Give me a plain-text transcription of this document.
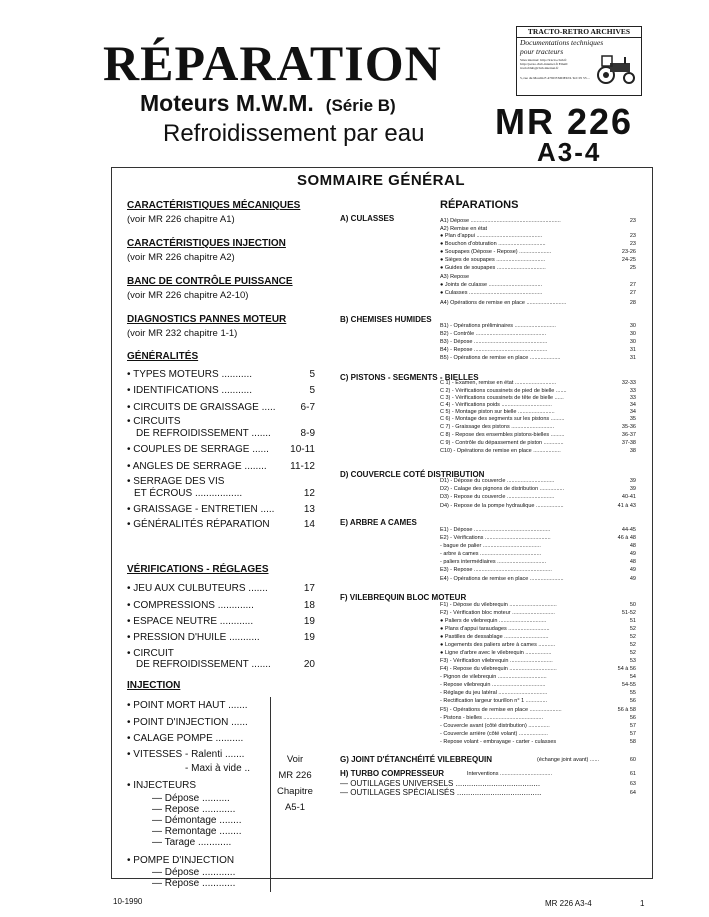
RÉPARATION
Moteurs M.W.M. (Série B)
Refroidissement par eau MR 226
A3-4
TRACTO-RETRO ARCHIVES
Documentations techniques
pour tracteurs
Sites internet: http://tracto.club.fr http://perso.club-internet.fr Email: tractoblub@club-internet.fr
5, rue du Moulin F-4790 EXIDEUIL Tel: 05 53 ...
SOMMAIRE GÉNÉRAL
CARACTÉRISTIQUES MÉCANIQUES
(voir MR 226 chapitre A1)
CARACTÉRISTIQUES INJECTION
(voir MR 226 chapitre A2)
BANC DE CONTRÔLE PUISSANCE
(voir MR 226 chapitre A2-10)
DIAGNOSTICS PANNES MOTEUR
(voir MR 232 chapitre 1-1)
GÉNÉRALITÉS
• TYPES MOTEURS ...........	5
• IDENTIFICATIONS ...........	5
• CIRCUITS DE GRAISSAGE .....	6-7
• CIRCUITS
DE REFROIDISSEMENT .......	8-9
• COUPLES DE SERRAGE ......	10-11
• ANGLES DE SERRAGE ........	11-12
• SERRAGE DES VIS
ET ÉCROUS .................	12
• GRAISSAGE - ENTRETIEN .....	13
• GÉNÉRALITÉS RÉPARATION	14
VÉRIFICATIONS - RÉGLAGES
• JEU AUX CULBUTEURS .......	17
• COMPRESSIONS .............	18
• ESPACE NEUTRE ............	19
• PRESSION D'HUILE ...........	19
• CIRCUIT
DE REFROIDISSEMENT .......	20
INJECTION
• POINT MORT HAUT .......
• POINT D'INJECTION ......
• CALAGE POMPE ..........
• VITESSES - Ralenti .......
- Maxi à vide ..
• INJECTEURS
— Dépose ..........
— Repose ............
— Démontage ........
— Remontage ........
— Tarage ............
• POMPE D'INJECTION
— Dépose ............
— Repose ............
Voir
MR 226
Chapitre
A5-1
RÉPARATIONS
A) CULASSES	A1) Dépose ...........................................................	23
A2) Remise en état
● Plan d'appui ...........................................	23
● Bouchon d'obturation ...............................	23
● Soupapes (Dépose - Repose) .....................	23-26
● Sièges de soupapes ................................	24-25
● Guides de soupapes ................................	25
A3) Repose
● Joints de culasse ...................................	27
● Culasses ................................................	27
A4) Opérations de remise en place ..........................	28
B) CHEMISES HUMIDES
B1) - Opérations préliminaires ...........................	30
B2) - Contrôle ..............................................	30
B3) - Dépose ................................................	30
B4) - Repose ................................................	31
B5) - Opérations de remise en place ....................	31
C) PISTONS - SEGMENTS - BIELLES
C 1) - Examen, remise en état ...........................	32-33
C 2) - Vérifications coussinets de pied de bielle .......	33
C 3) - Vérifications coussinets de tête de bielle ......	33
C 4) - Vérifications poids .................................	34
C 5) - Montage piston sur bielle ........................	34
C 6) - Montage des segments sur les pistons .........	35
C 7) - Graissage des pistons ............................	35-36
C 8) - Repose des ensembles pistons-bielles .........	36-37
C 9) - Contrôle du dépassement de piston .............	37-38
C10) - Opérations de remise en place ..................	38
D) COUVERCLE COTÉ DISTRIBUTION
D1) - Dépose du couvercle ...............................	39
D2) - Calage des pignons de distribution ................	39
D3) - Repose du couvercle ...............................	40-41
D4) - Repose de la pompe hydraulique ..................	41 à 43
E) ARBRE A CAMES
E1) - Dépose ..................................................	44-45
E2) - Vérifications ...........................................	46 à 48
- bague de palier ......................................	48
- arbre à cames ........................................	49
- paliers intermédiaires ................................	48
E3) - Repose ...................................................	49
E4) - Opérations de remise en place ......................	49
F) VILEBREQUIN BLOC MOTEUR
F1) - Dépose du vilebrequin ...............................	50
F2) - Vérification bloc moteur ............................	51-52
● Paliers de vilebrequin ...............................	51
● Plans d'appui taraudages ...........................	52
● Pastilles de dessablage .............................	52
● Logements des paliers arbre à cames ...........	52
● Ligne d'arbre avec le vilebrequin .................	52
F3) - Vérification vilebrequin ............................	53
F4) - Repose du vilebrequin ...............................	54 à 56
- Pignon de vilebrequin ................................	54
- Repose vilebrequin ...................................	54-55
- Réglage du jeu latéral ................................	55
- Rectification largeur tourillon n° 1 ..............	56
F5) - Opérations de remise en place .....................	56 à 58
- Pistons - bielles .......................................	56
- Couvercle avant (côté distribution) ..............	57
- Couvercle arrière (côté volant) ...................	57
- Repose volant - embrayage - carter - culasses	58
G) JOINT D'ÉTANCHÉITÉ VILEBREQUIN	(échange joint avant) ......	60
H) TURBO COMPRESSEUR	Interventions ..................................	61
— OUTILLAGES UNIVERSELS ......................................	63
— OUTILLAGES SPÉCIALISÉS ......................................	64
10-1990	MR 226 A3-4	1
